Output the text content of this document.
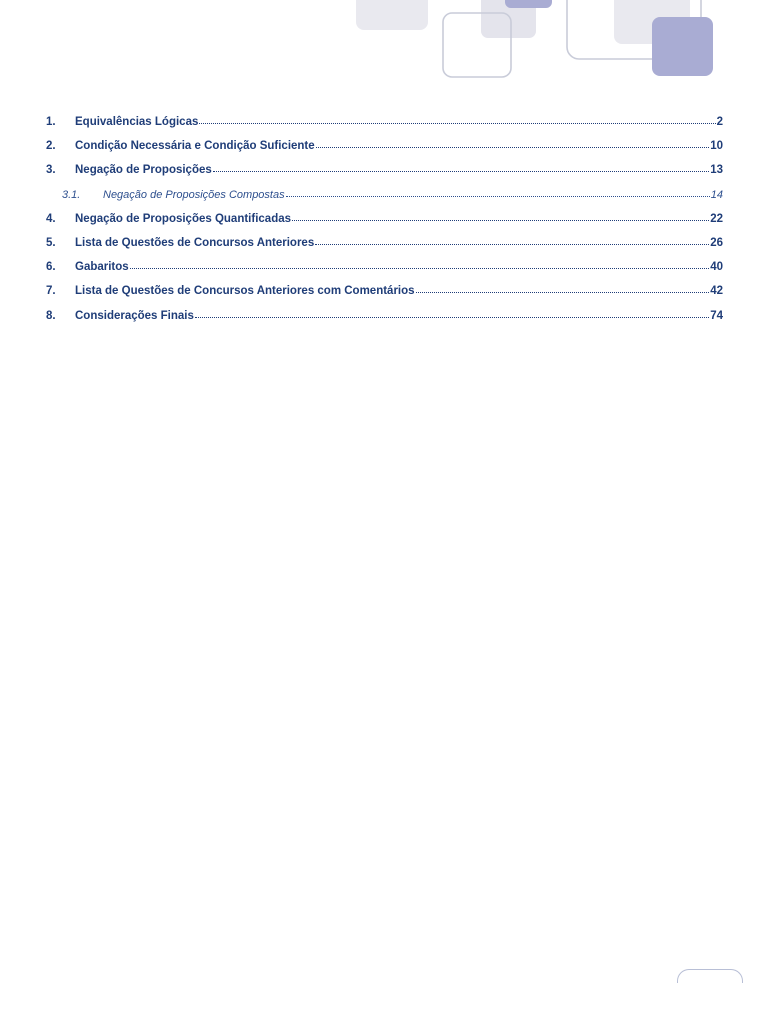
1.	Equivalências Lógicas	2
2.	Condição Necessária e Condição Suficiente	10
3.	Negação de Proposições	13
3.1.	Negação de Proposições Compostas	14
4.	Negação de Proposições Quantificadas	22
5.	Lista de Questões de Concursos Anteriores	26
6.	Gabaritos	40
7.	Lista de Questões de Concursos Anteriores com Comentários	42
8.	Considerações Finais	74
